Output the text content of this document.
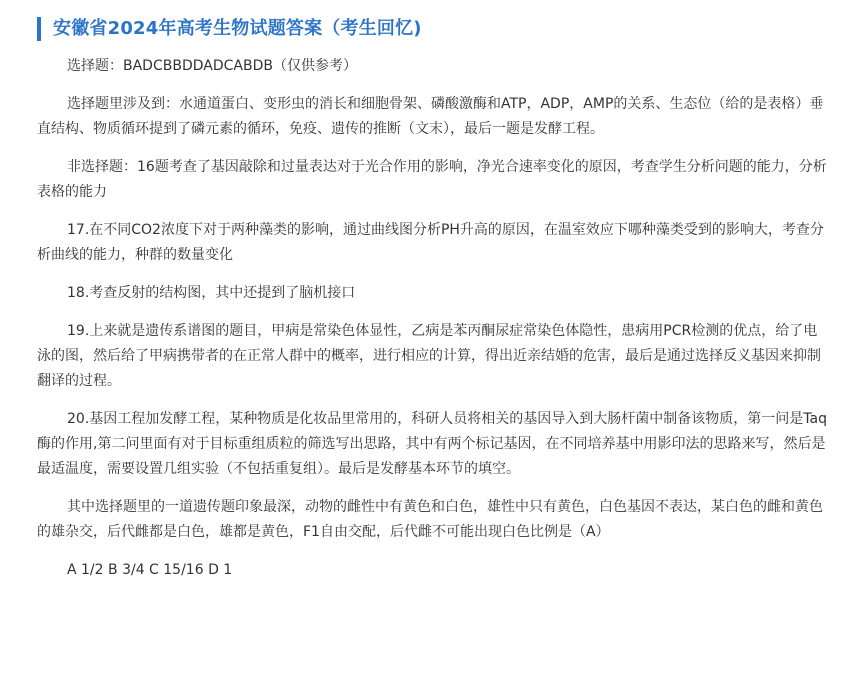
安徽省2024年高考生物试题答案（考生回忆)

选择题：BADCBBDDADCABDB（仅供参考）

选择题里涉及到：水通道蛋白、变形虫的消长和细胞骨架、磷酸激酶和ATP，ADP，AMP的关系、生态位（给的是表格）垂直结构、物质循环提到了磷元素的循环，免疫、遗传的推断（文末），最后一题是发酵工程。

非选择题：16题考查了基因敲除和过量表达对于光合作用的影响，净光合速率变化的原因，考查学生分析问题的能力，分析表格的能力

17.在不同CO2浓度下对于两种藻类的影响，通过曲线图分析PH升高的原因，在温室效应下哪种藻类受到的影响大，考查分析曲线的能力，种群的数量变化

18.考查反射的结构图，其中还提到了脑机接口

19.上来就是遗传系谱图的题目，甲病是常染色体显性，乙病是苯丙酮尿症常染色体隐性，患病用PCR检测的优点，给了电泳的图，然后给了甲病携带者的在正常人群中的概率，进行相应的计算，得出近亲结婚的危害，最后是通过选择反义基因来抑制翻译的过程。

20.基因工程加发酵工程，某种物质是化妆品里常用的，科研人员将相关的基因导入到大肠杆菌中制备该物质，第一问是Taq酶的作用,第二问里面有对于目标重组质粒的筛选写出思路，其中有两个标记基因，在不同培养基中用影印法的思路来写，然后是最适温度，需要设置几组实验（不包括重复组）。最后是发酵基本环节的填空。

其中选择题里的一道遗传题印象最深，动物的雌性中有黄色和白色，雄性中只有黄色，白色基因不表达，某白色的雌和黄色的雄杂交，后代雌都是白色，雄都是黄色，F1自由交配，后代雌不可能出现白色比例是（A）

A 1/2 B 3/4 C 15/16 D 1
